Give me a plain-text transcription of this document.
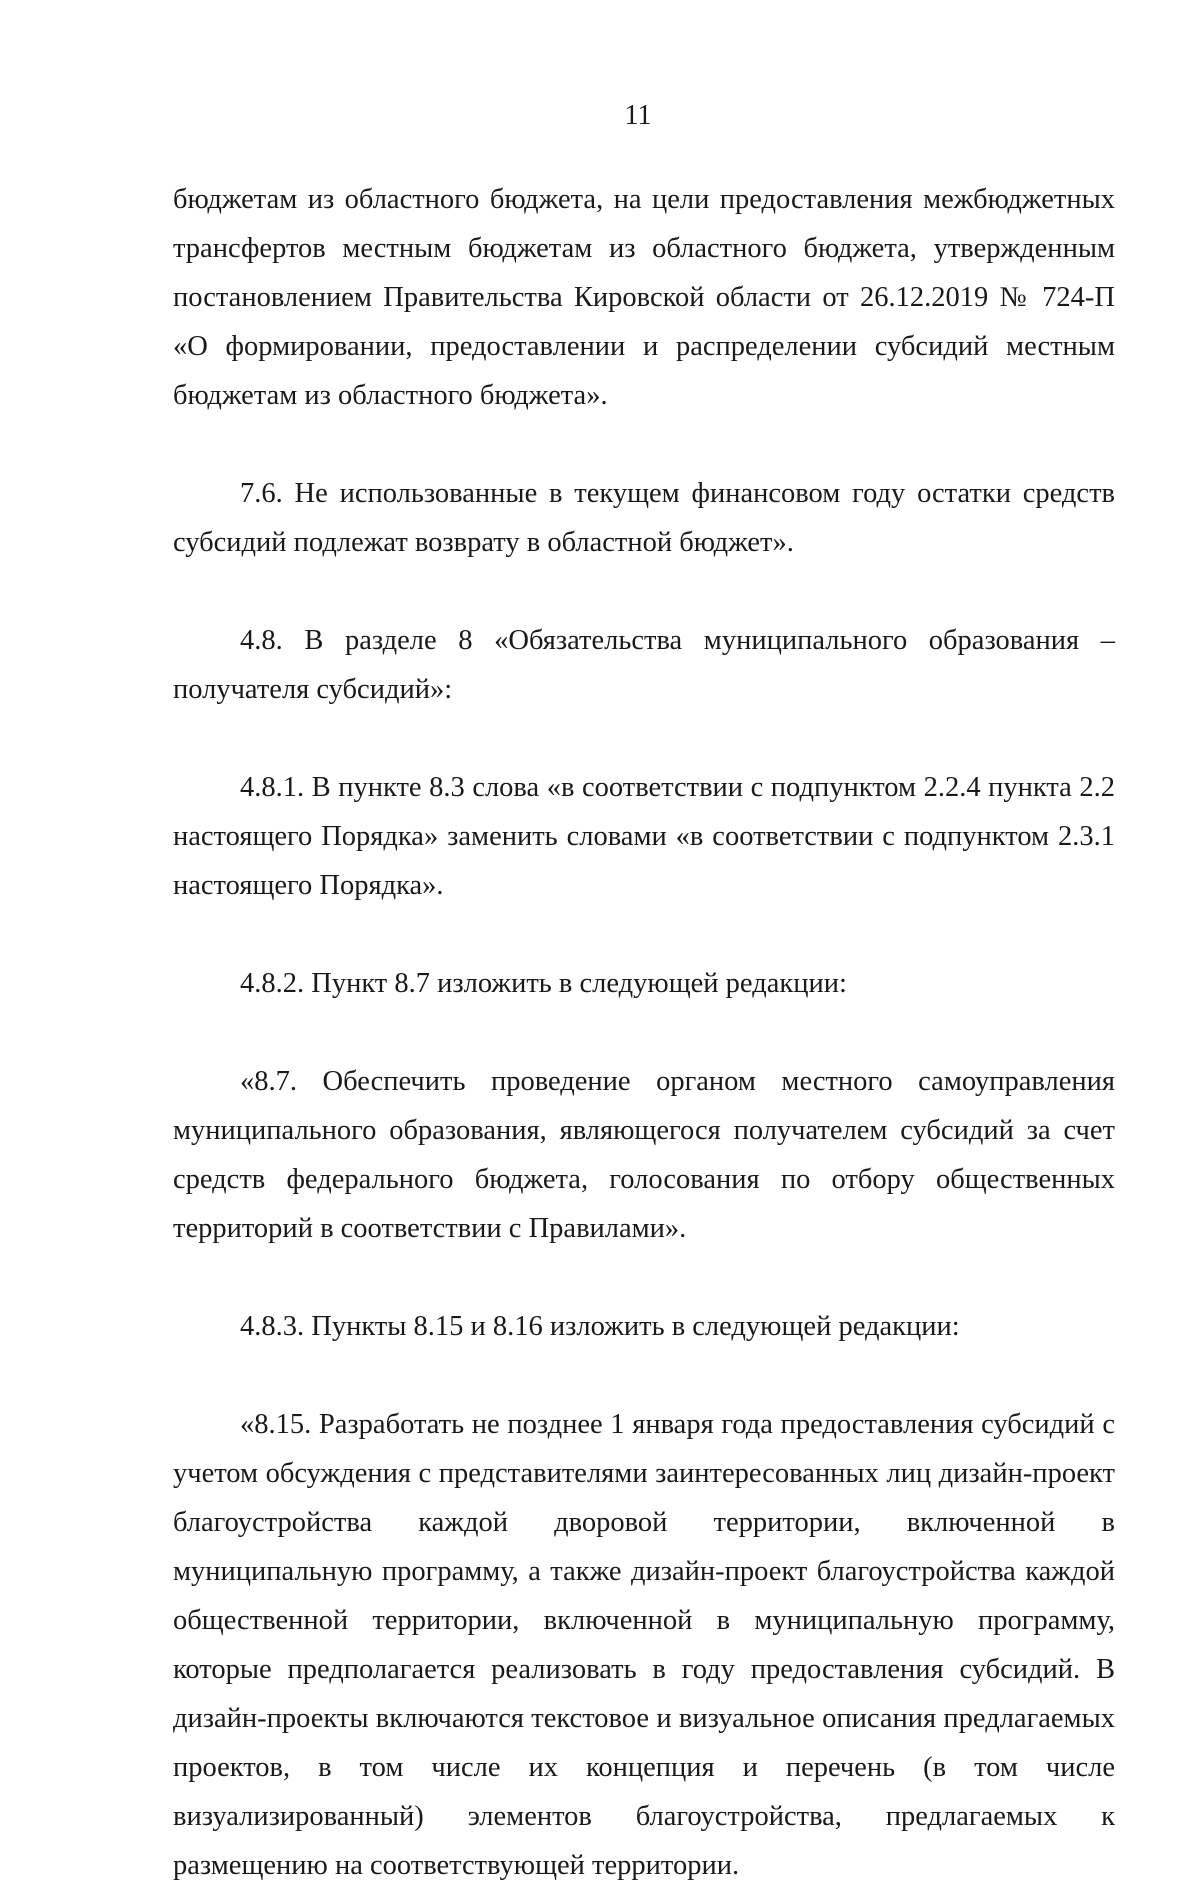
11
бюджетам из областного бюджета, на цели предоставления межбюджетных
трансфертов местным бюджетам из областного бюджета, утвержденным
постановлением Правительства Кировской области от 26.12.2019 № 724-П
«О формировании, предоставлении и распределении субсидий местным
бюджетам из областного бюджета».
7.6. Не использованные в текущем финансовом году остатки средств
субсидий подлежат возврату в областной бюджет».
4.8. В разделе 8 «Обязательства муниципального образования –
получателя субсидий»:
4.8.1. В пункте 8.3 слова «в соответствии с подпунктом 2.2.4 пункта 2.2
настоящего Порядка» заменить словами «в соответствии с подпунктом 2.3.1
настоящего Порядка».
4.8.2. Пункт 8.7 изложить в следующей редакции:
«8.7. Обеспечить проведение органом местного самоуправления
муниципального образования, являющегося получателем субсидий за счет
средств федерального бюджета, голосования по отбору общественных
территорий в соответствии с Правилами».
4.8.3. Пункты 8.15 и 8.16 изложить в следующей редакции:
«8.15. Разработать не позднее 1 января года предоставления субсидий с
учетом обсуждения с представителями заинтересованных лиц дизайн-проект
благоустройства каждой дворовой территории, включенной в
муниципальную программу, а также дизайн-проект благоустройства каждой
общественной территории, включенной в муниципальную программу,
которые предполагается реализовать в году предоставления субсидий. В
дизайн-проекты включаются текстовое и визуальное описания предлагаемых
проектов, в том числе их концепция и перечень (в том числе
визуализированный) элементов благоустройства, предлагаемых к
размещению на соответствующей территории.
